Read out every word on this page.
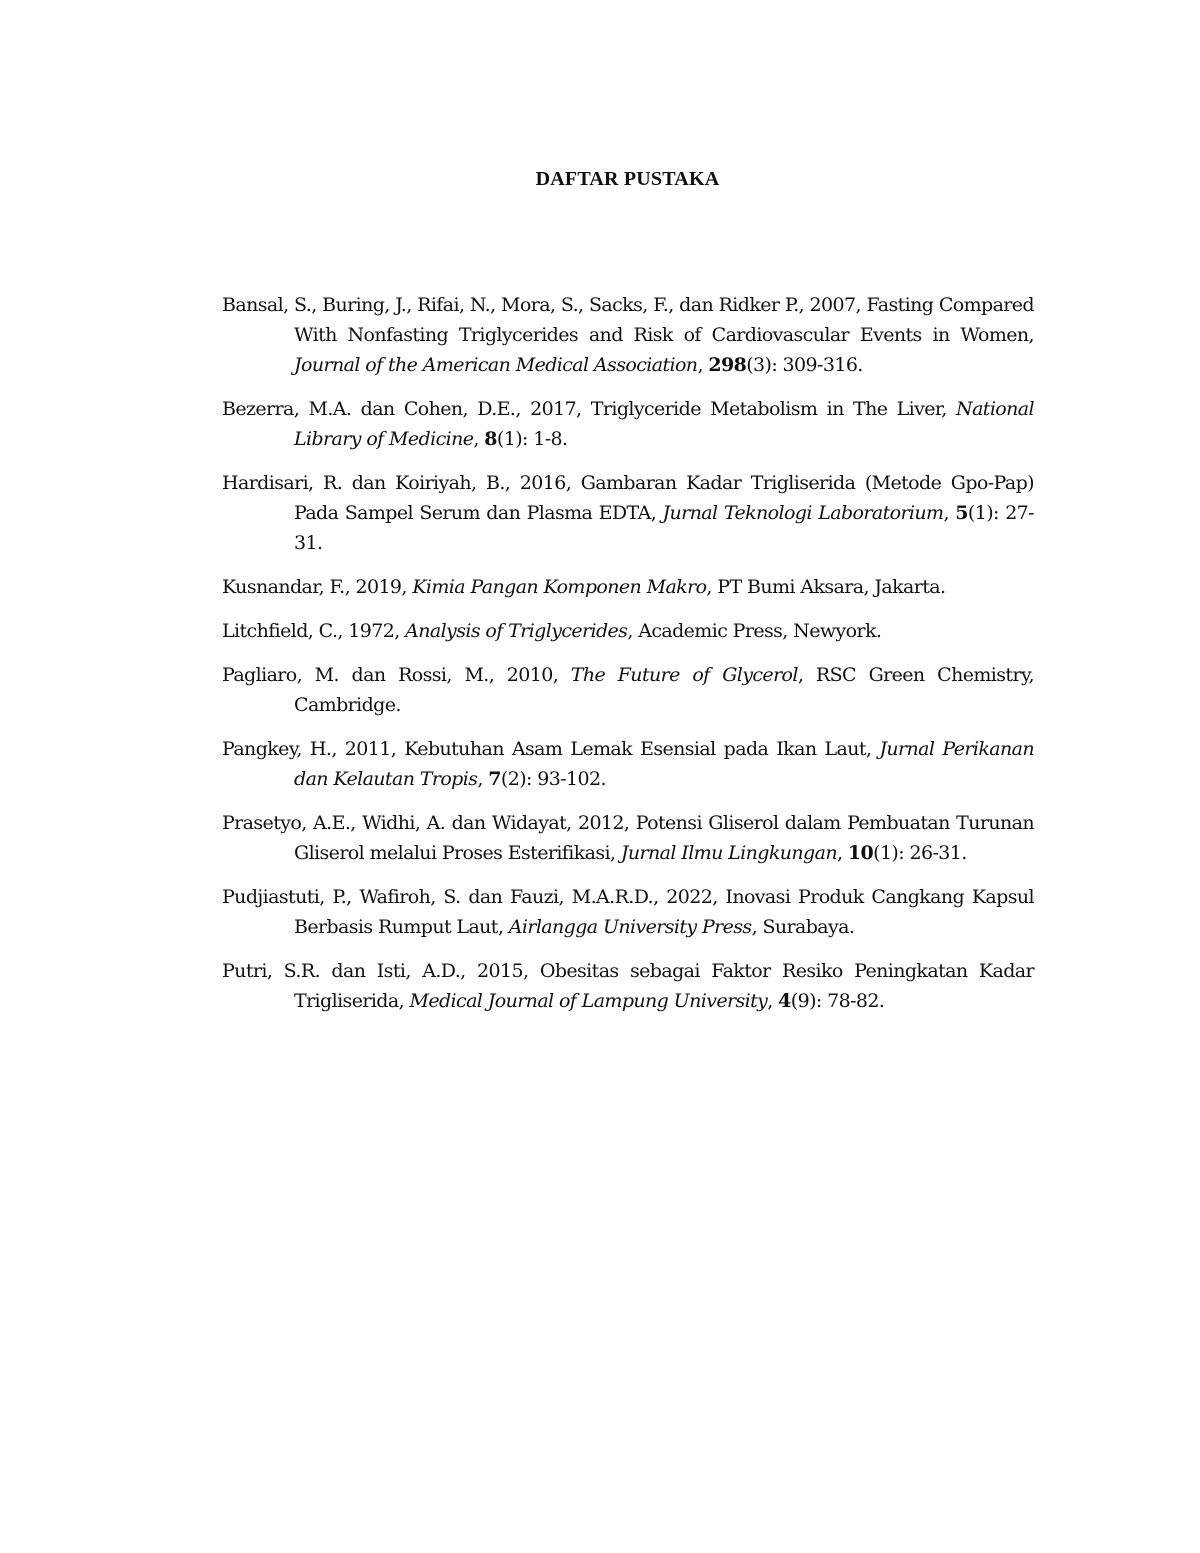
DAFTAR PUSTAKA

Bansal, S., Buring, J., Rifai, N., Mora, S., Sacks, F., dan Ridker P., 2007, Fasting Compared With Nonfasting Triglycerides and Risk of Cardiovascular Events in Women, Journal of the American Medical Association, 298(3): 309-316.

Bezerra, M.A. dan Cohen, D.E., 2017, Triglyceride Metabolism in The Liver, National Library of Medicine, 8(1): 1-8.

Hardisari, R. dan Koiriyah, B., 2016, Gambaran Kadar Trigliserida (Metode Gpo-Pap) Pada Sampel Serum dan Plasma EDTA, Jurnal Teknologi Laboratorium, 5(1): 27-31.

Kusnandar, F., 2019, Kimia Pangan Komponen Makro, PT Bumi Aksara, Jakarta.

Litchfield, C., 1972, Analysis of Triglycerides, Academic Press, Newyork.

Pagliaro, M. dan Rossi, M., 2010, The Future of Glycerol, RSC Green Chemistry, Cambridge.

Pangkey, H., 2011, Kebutuhan Asam Lemak Esensial pada Ikan Laut, Jurnal Perikanan dan Kelautan Tropis, 7(2): 93-102.

Prasetyo, A.E., Widhi, A. dan Widayat, 2012, Potensi Gliserol dalam Pembuatan Turunan Gliserol melalui Proses Esterifikasi, Jurnal Ilmu Lingkungan, 10(1): 26-31.

Pudjiastuti, P., Wafiroh, S. dan Fauzi, M.A.R.D., 2022, Inovasi Produk Cangkang Kapsul Berbasis Rumput Laut, Airlangga University Press, Surabaya.

Putri, S.R. dan Isti, A.D., 2015, Obesitas sebagai Faktor Resiko Peningkatan Kadar Trigliserida, Medical Journal of Lampung University, 4(9): 78-82.
